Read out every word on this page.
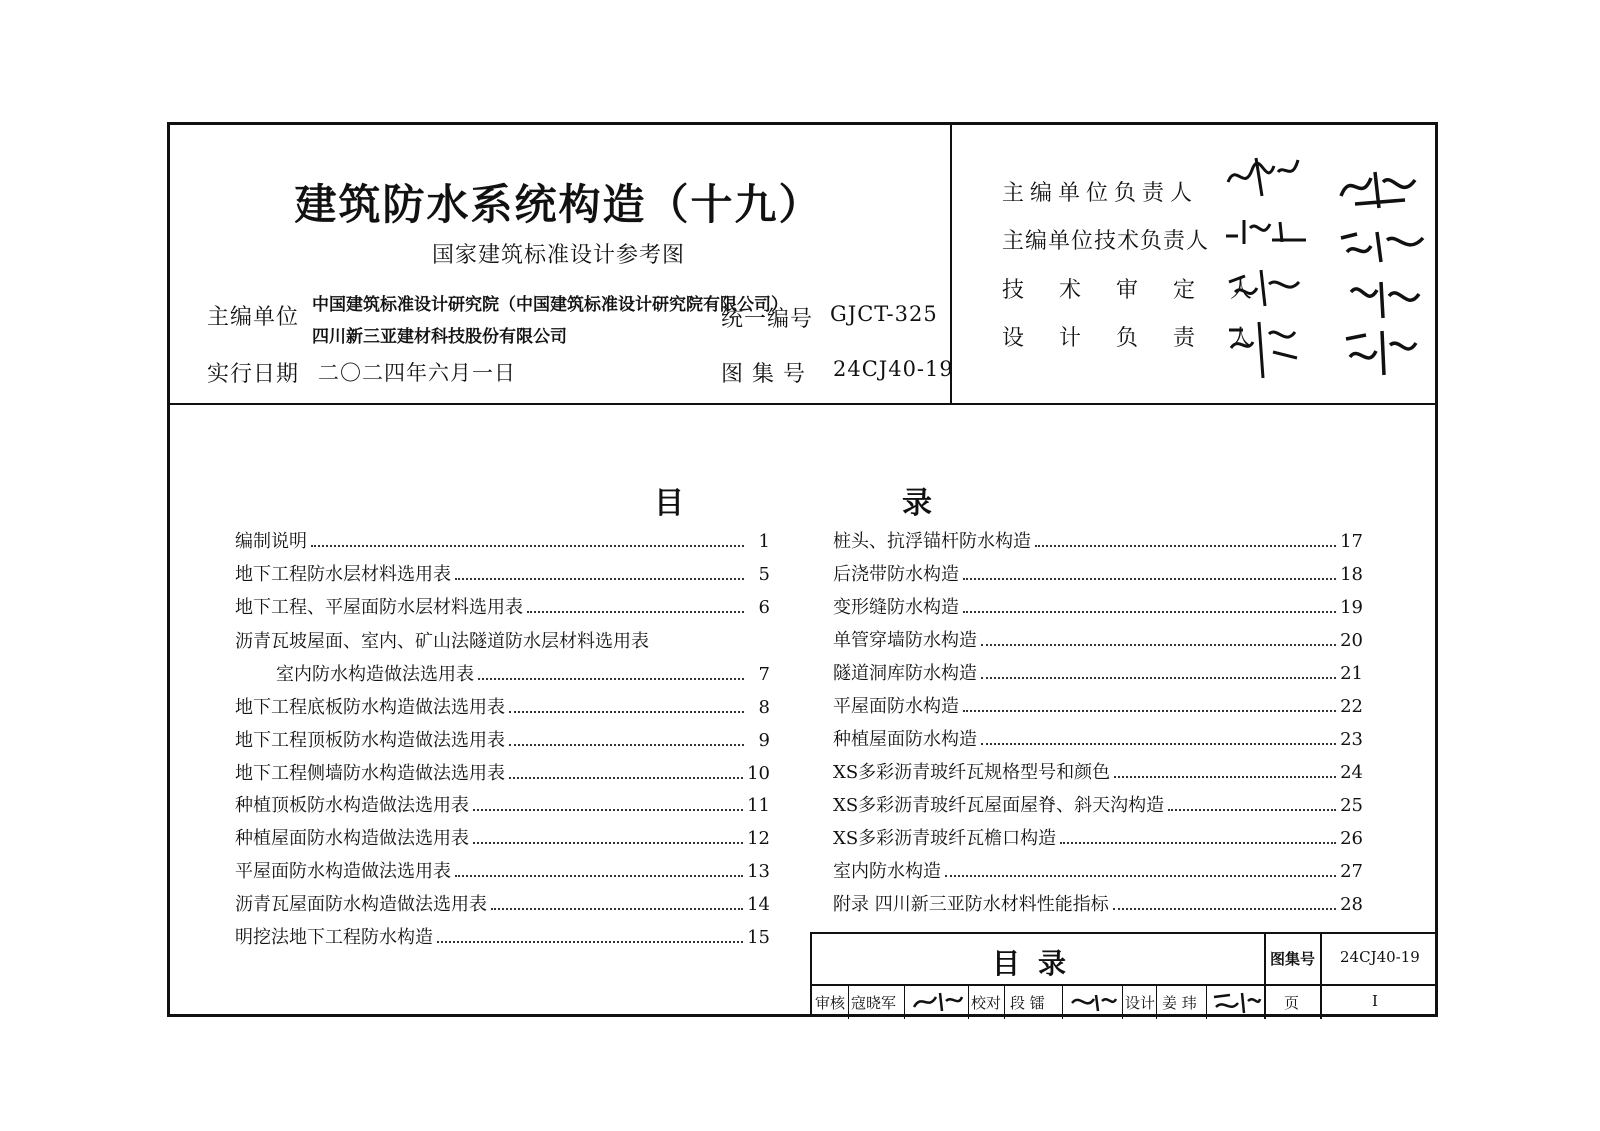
建筑防水系统构造（十九）
国家建筑标准设计参考图
主编单位 中国建筑标准设计研究院（中国建筑标准设计研究院有限公司）
四川新三亚建材科技股份有限公司
实行日期 二〇二四年六月一日
统一编号 GJCT-325
图 集 号 24CJ40-19
主编单位负责人
主编单位技术负责人
技 术 审 定 人
设 计 负 责 人
目	录
编制说明	1
地下工程防水层材料选用表	5
地下工程、平屋面防水层材料选用表	6
沥青瓦坡屋面、室内、矿山法隧道防水层材料选用表
室内防水构造做法选用表	7
地下工程底板防水构造做法选用表	8
地下工程顶板防水构造做法选用表	9
地下工程侧墙防水构造做法选用表	10
种植顶板防水构造做法选用表	11
种植屋面防水构造做法选用表	12
平屋面防水构造做法选用表	13
沥青瓦屋面防水构造做法选用表	14
明挖法地下工程防水构造	15
桩头、抗浮锚杆防水构造	17
后浇带防水构造	18
变形缝防水构造	19
单管穿墙防水构造	20
隧道洞库防水构造	21
平屋面防水构造	22
种植屋面防水构造	23
XS多彩沥青玻纤瓦规格型号和颜色	24
XS多彩沥青玻纤瓦屋面屋脊、斜天沟构造	25
XS多彩沥青玻纤瓦檐口构造	26
室内防水构造	27
附录 四川新三亚防水材料性能指标	28
目录	图集号 24CJ40-19
审核 寇晓军	校对 段 镭	设计 姜 玮	页	I
